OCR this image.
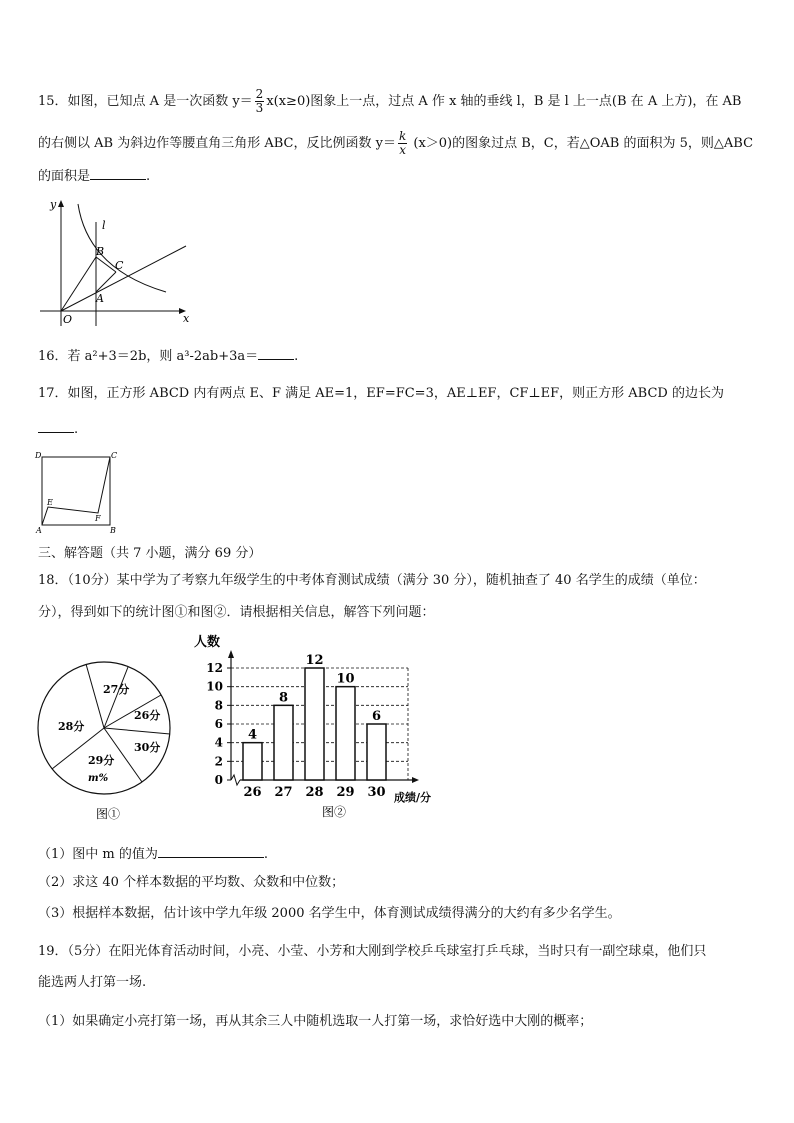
15．如图，已知点 A 是一次函数 $y= \frac{2}{3} x(x\ge 0)$图象上一点，过点 A 作 x 轴的垂线 l，B 是 l 上一点(B 在 A 上方)，在 AB
的右侧以 AB 为斜边作等腰直角三角形 ABC，反比例函数 $y= \frac{k}{x} (x>0)$的图象过点 B，C，若△OAB 的面积为 5，则△ABC
的面积是	.
y
l
B
C
A
O	x
16．若 a²+3＝2b，则 a³-2ab+3a＝	.
17．如图，正方形 ABCD 内有两点 E、F 满足 AE=1，EF=FC=3，AE⊥EF，CF⊥EF，则正方形 ABCD 的边长为
.
D	C
E
F
A	B
三、解答题（共 7 小题，满分 69 分）
18．（10分）某中学为了考察九年级学生的中考体育测试成绩（满分 30 分），随机抽查了 40 名学生的成绩（单位：
分），得到如下的统计图①和图②．请根据相关信息，解答下列问题：
27分
26分
30分
29分
m%
28分
图①
人数
成绩/分
图②
0
2
4
6
8
10
12
4
26
8
27
12
28
10
29
6
30
（1）图中 m 的值为	.
（2）求这 40 个样本数据的平均数、众数和中位数；
（3）根据样本数据，估计该中学九年级 2000 名学生中，体育测试成绩得满分的大约有多少名学生。
19．（5分）在阳光体育活动时间，小亮、小莹、小芳和大刚到学校乒乓球室打乒乓球，当时只有一副空球桌，他们只
能选两人打第一场.
（1）如果确定小亮打第一场，再从其余三人中随机选取一人打第一场，求恰好选中大刚的概率；
